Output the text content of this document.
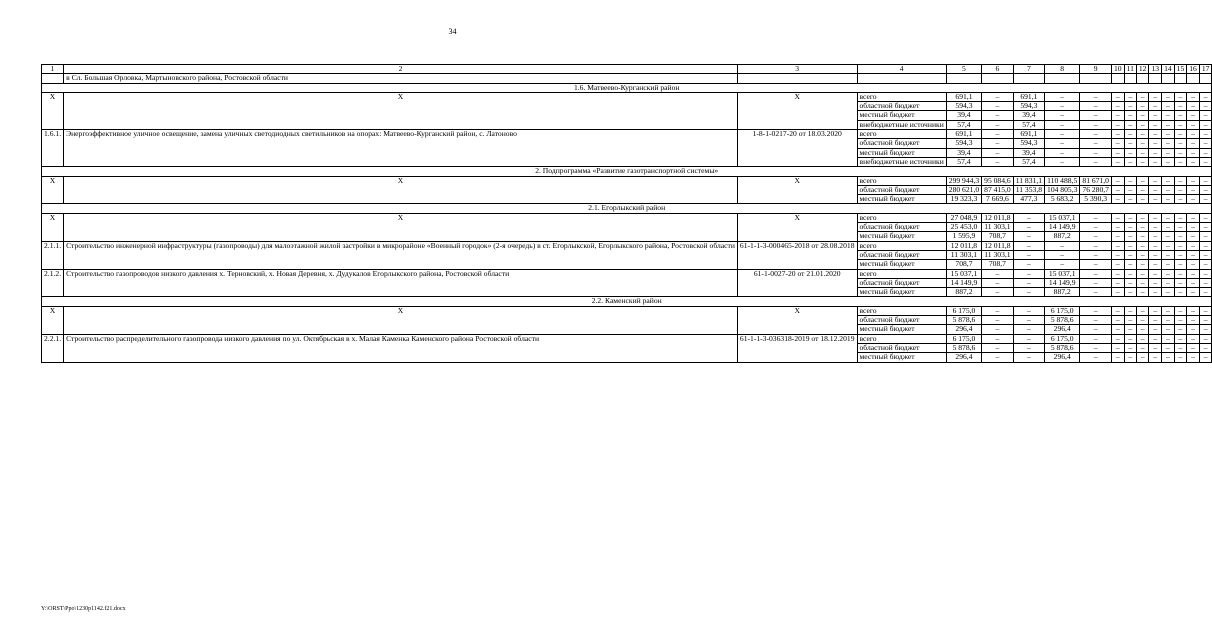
34
1	2	3	4	5	6	7	8	9	10	11	12	13	14	15	16	17
	в Сл. Большая Орловка, Мартыновского района, Ростовской области															
1.6. Матвеево-Курганский район																
Х	Х	Х	всего	691,1	–	691,1	–	–	–	–	–	–	–	–	–	–
			областной бюджет	594,3	–	594,3	–	–	–	–	–	–	–	–	–	–
			местный бюджет	39,4	–	39,4	–	–	–	–	–	–	–	–	–	–
			внебюджетные источники	57,4	–	57,4	–	–	–	–	–	–	–	–	–	–
1.6.1.	Энергоэффективное уличное освещение, замена уличных светодиодных светильников на опорах: Матвеево-Курганский район, с. Латоново	1-8-1-0217-20 от 18.03.2020	всего	691,1	–	691,1	–	–	–	–	–	–	–	–	–	–
			областной бюджет	594,3	–	594,3	–	–	–	–	–	–	–	–	–	–
			местный бюджет	39,4	–	39,4	–	–	–	–	–	–	–	–	–	–
			внебюджетные источники	57,4	–	57,4	–	–	–	–	–	–	–	–	–	–
2. Подпрограмма «Развитие газотранспортной системы»																
Х	Х	Х	всего	299 944,3	95 084,6	11 831,1	110 488,5	81 671,0	–	–	–	–	–	–	–	–
			областной бюджет	280 621,0	87 415,0	11 353,8	104 805,3	76 280,7	–	–	–	–	–	–	–	–
			местный бюджет	19 323,3	7 669,6	477,3	5 683,2	5 390,3	–	–	–	–	–	–	–	–
2.1. Егорлыкский район																
Х	Х	Х	всего	27 048,9	12 011,8	–	15 037,1	–	–	–	–	–	–	–	–	–
			областной бюджет	25 453,0	11 303,1	–	14 149,9	–	–	–	–	–	–	–	–	–
			местный бюджет	1 595,9	708,7	–	887,2	–	–	–	–	–	–	–	–	–
2.1.1.	Строительство инженерной инфраструктуры (газопроводы) для малоэтажной жилой застройки в микрорайоне «Военный городок» (2-я очередь) в ст. Егорлыкской, Егорлыкского района, Ростовской области	61-1-1-3-000465-2018 от 28.08.2018	всего	12 011,8	12 011,8	–	–	–	–	–	–	–	–	–	–	–
			областной бюджет	11 303,1	11 303,1	–	–	–	–	–	–	–	–	–	–	–
			местный бюджет	708,7	708,7	–	–	–	–	–	–	–	–	–	–	–
2.1.2.	Строительство газопроводов низкого давления х. Терновский, х. Новая Деревня, х. Дудукалов Егорлыкского района, Ростовской области	61-1-0027-20 от 21.01.2020	всего	15 037,1	–	–	15 037,1	–	–	–	–	–	–	–	–	–
			областной бюджет	14 149,9	–	–	14 149,9	–	–	–	–	–	–	–	–	–
			местный бюджет	887,2	–	–	887,2	–	–	–	–	–	–	–	–	–
2.2. Каменский район																
Х	Х	Х	всего	6 175,0	–	–	6 175,0	–	–	–	–	–	–	–	–	–
			областной бюджет	5 878,6	–	–	5 878,6	–	–	–	–	–	–	–	–	–
			местный бюджет	296,4	–	–	296,4	–	–	–	–	–	–	–	–	–
2.2.1.	Строительство распределительного газопровода низкого давления по ул. Октябрьская в х. Малая Каменка Каменского района Ростовской области	61-1-1-3-036318-2019 от 18.12.2019	всего	6 175,0	–	–	6 175,0	–	–	–	–	–	–	–	–	–
			областной бюджет	5 878,6	–	–	5 878,6	–	–	–	–	–	–	–	–	–
			местный бюджет	296,4	–	–	296,4	–	–	–	–	–	–	–	–	–
Y:\ORST\Ppo\1230p1142.f21.docx
